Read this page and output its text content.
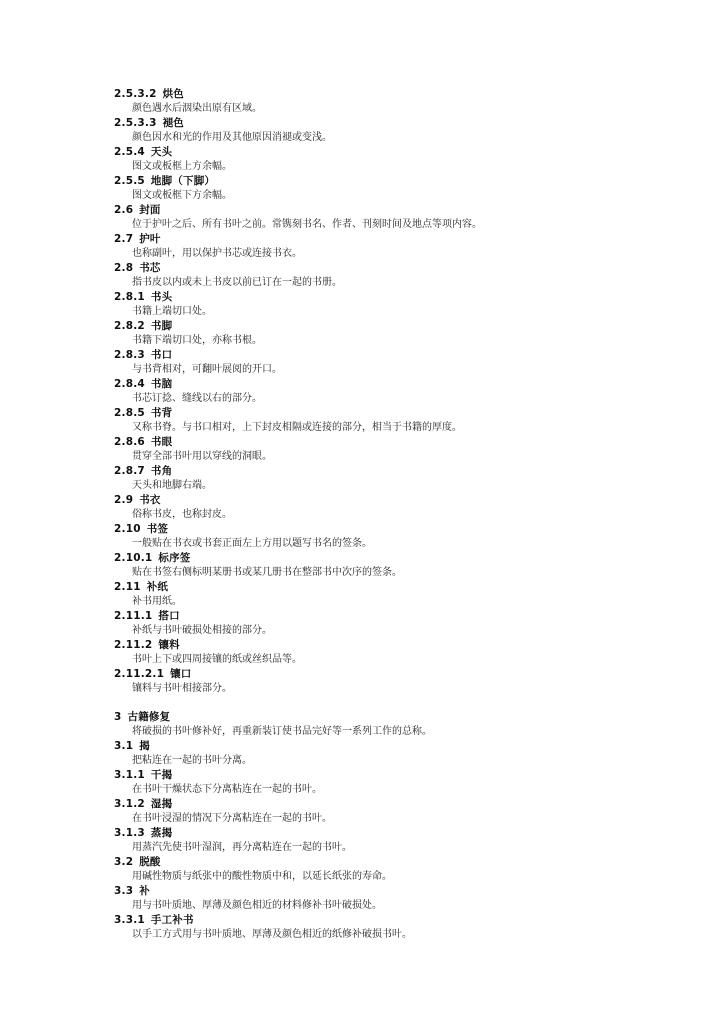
2.5.3.2 烘色
颜色遇水后洇染出原有区域。
2.5.3.3 褪色
颜色因水和光的作用及其他原因消褪或变浅。
2.5.4 天头
图文或板框上方余幅。
2.5.5 地脚（下脚）
图文或板框下方余幅。
2.6 封面
位于护叶之后、所有书叶之前。常镌刻书名、作者、刊刻时间及地点等项内容。
2.7 护叶
也称副叶，用以保护书芯或连接书衣。
2.8 书芯
指书皮以内或未上书皮以前已订在一起的书册。
2.8.1 书头
书籍上端切口处。
2.8.2 书脚
书籍下端切口处，亦称书根。
2.8.3 书口
与书背相对，可翻叶展阅的开口。
2.8.4 书脑
书芯订捻、缝线以右的部分。
2.8.5 书背
又称书脊。与书口相对，上下封皮相隔或连接的部分，相当于书籍的厚度。
2.8.6 书眼
贯穿全部书叶用以穿线的洞眼。
2.8.7 书角
天头和地脚右端。
2.9 书衣
俗称书皮，也称封皮。
2.10 书签
一般贴在书衣或书套正面左上方用以题写书名的签条。
2.10.1 标序签
贴在书签右侧标明某册书或某几册书在整部书中次序的签条。
2.11 补纸
补书用纸。
2.11.1 搭口
补纸与书叶破损处相接的部分。
2.11.2 镶料
书叶上下或四周接镶的纸或丝织品等。
2.11.2.1 镶口
镶料与书叶相接部分。
3 古籍修复
将破损的书叶修补好，再重新装订使书品完好等一系列工作的总称。
3.1 揭
把粘连在一起的书叶分离。
3.1.1 干揭
在书叶干燥状态下分离粘连在一起的书叶。
3.1.2 湿揭
在书叶浸湿的情况下分离粘连在一起的书叶。
3.1.3 蒸揭
用蒸汽先使书叶湿润，再分离粘连在一起的书叶。
3.2 脱酸
用碱性物质与纸张中的酸性物质中和，以延长纸张的寿命。
3.3 补
用与书叶质地、厚薄及颜色相近的材料修补书叶破损处。
3.3.1 手工补书
以手工方式用与书叶质地、厚薄及颜色相近的纸修补破损书叶。
